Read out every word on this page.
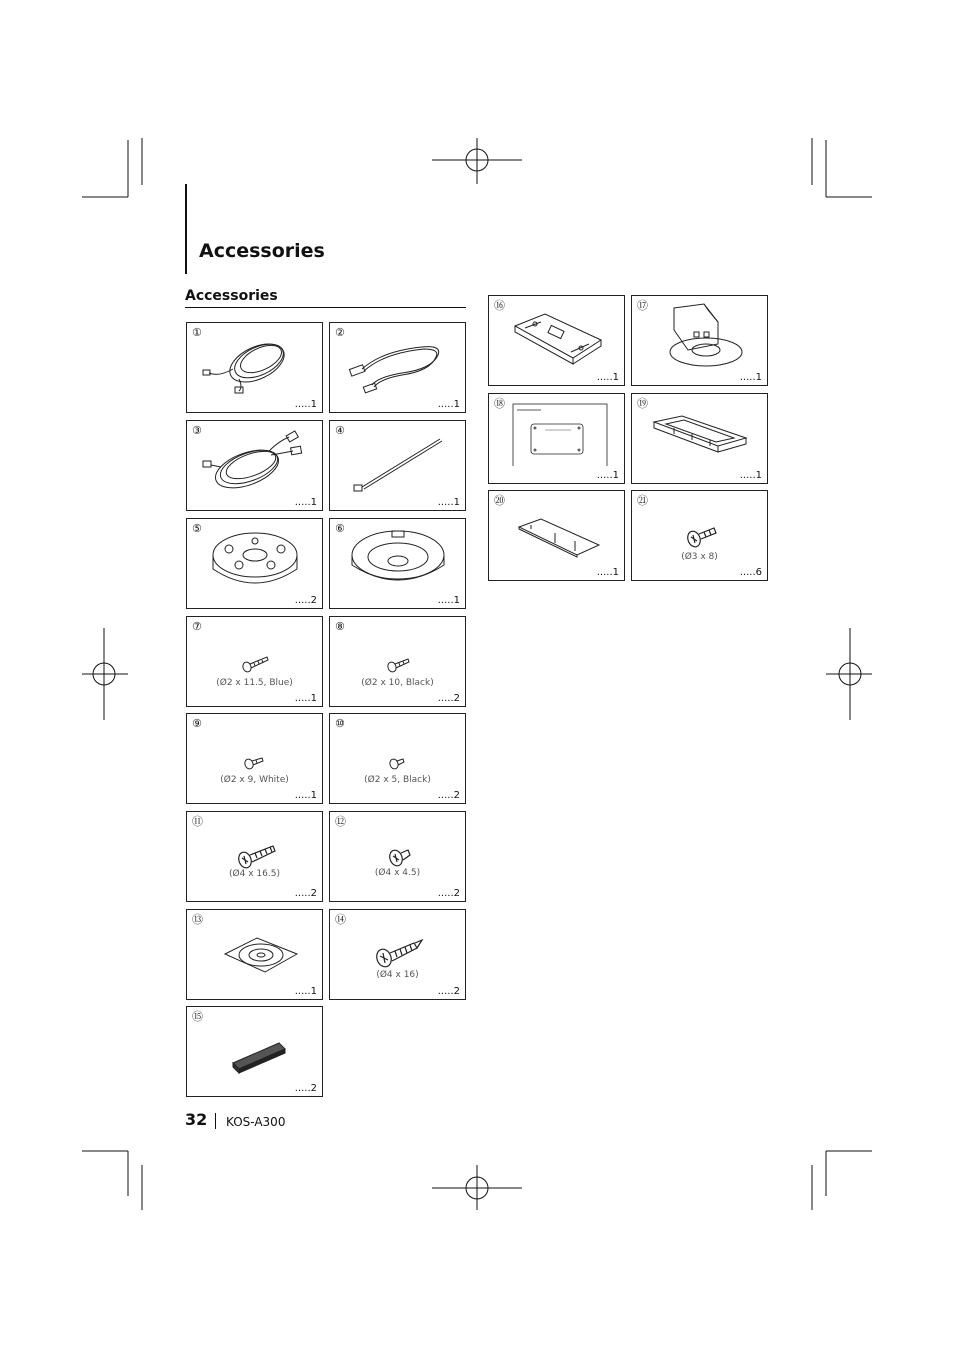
Accessories
Accessories
①
.....1
②
.....1
③
.....1
④
.....1
⑤
.....2
⑥
.....1
⑦
(Ø2 x 11.5, Blue)
.....1
⑧
(Ø2 x 10, Black)
.....2
⑨
(Ø2 x 9, White)
.....1
⑩
(Ø2 x 5, Black)
.....2
⑪
(Ø4 x 16.5)
.....2
⑫
(Ø4 x 4.5)
.....2
⑬
.....1
⑭
(Ø4 x 16)
.....2
⑮
.....2
⑯
.....1
⑰
.....1
⑱
.....1
⑲
.....1
⑳
.....1
㉑
(Ø3 x 8)
.....6
32 KOS-A300
